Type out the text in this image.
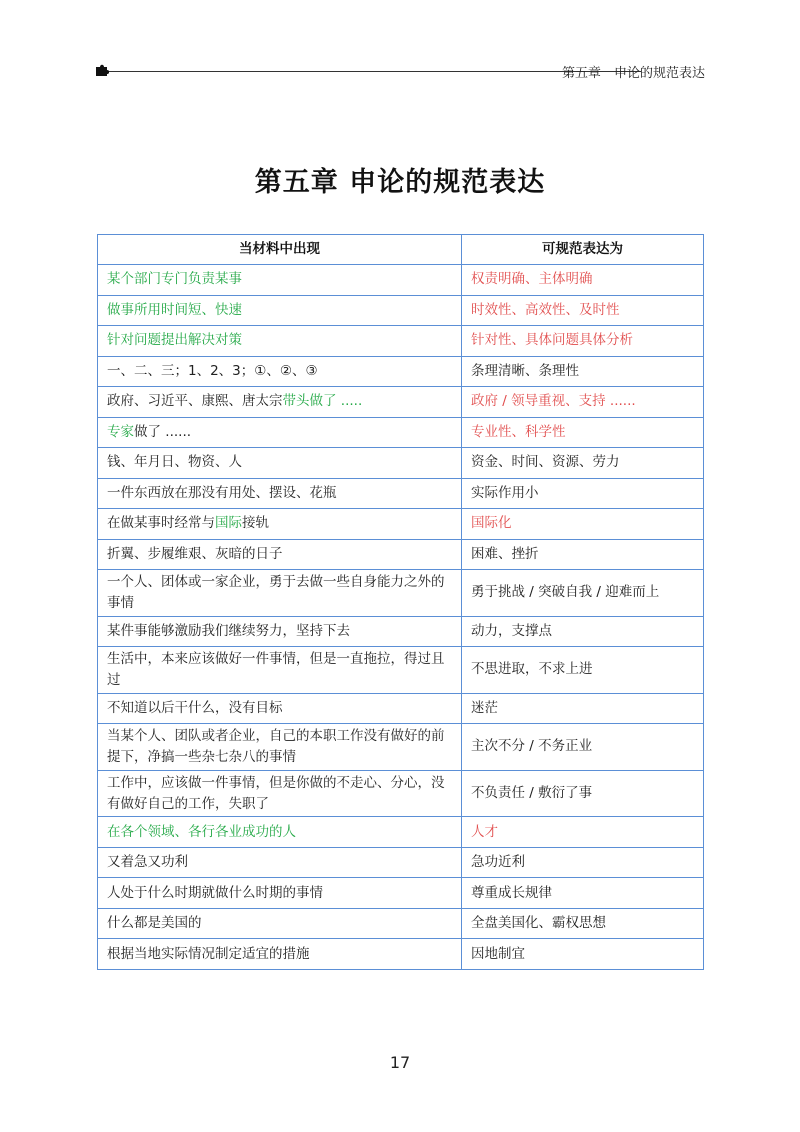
第五章　申论的规范表达
第五章 申论的规范表达
当材料中出现	可规范表达为
某个部门专门负责某事	权责明确、主体明确
做事所用时间短、快速	时效性、高效性、及时性
针对问题提出解决对策	针对性、具体问题具体分析
一、二、三；1、2、3；①、②、③	条理清晰、条理性
政府、习近平、康熙、唐太宗带头做了 .....	政府 / 领导重视、支持 ......
专家做了 ......	专业性、科学性
钱、年月日、物资、人	资金、时间、资源、劳力
一件东西放在那没有用处、摆设、花瓶	实际作用小
在做某事时经常与国际接轨	国际化
折翼、步履维艰、灰暗的日子	困难、挫折
一个人、团体或一家企业，勇于去做一些自身能力之外的事情	勇于挑战 / 突破自我 / 迎难而上
某件事能够激励我们继续努力，坚持下去	动力，支撑点
生活中，本来应该做好一件事情，但是一直拖拉，得过且过	不思进取，不求上进
不知道以后干什么，没有目标	迷茫
当某个人、团队或者企业，自己的本职工作没有做好的前提下，净搞一些杂七杂八的事情	主次不分 / 不务正业
工作中，应该做一件事情，但是你做的不走心、分心，没有做好自己的工作，失职了	不负责任 / 敷衍了事
在各个领域、各行各业成功的人	人才
又着急又功利	急功近利
人处于什么时期就做什么时期的事情	尊重成长规律
什么都是美国的	全盘美国化、霸权思想
根据当地实际情况制定适宜的措施	因地制宜
17
